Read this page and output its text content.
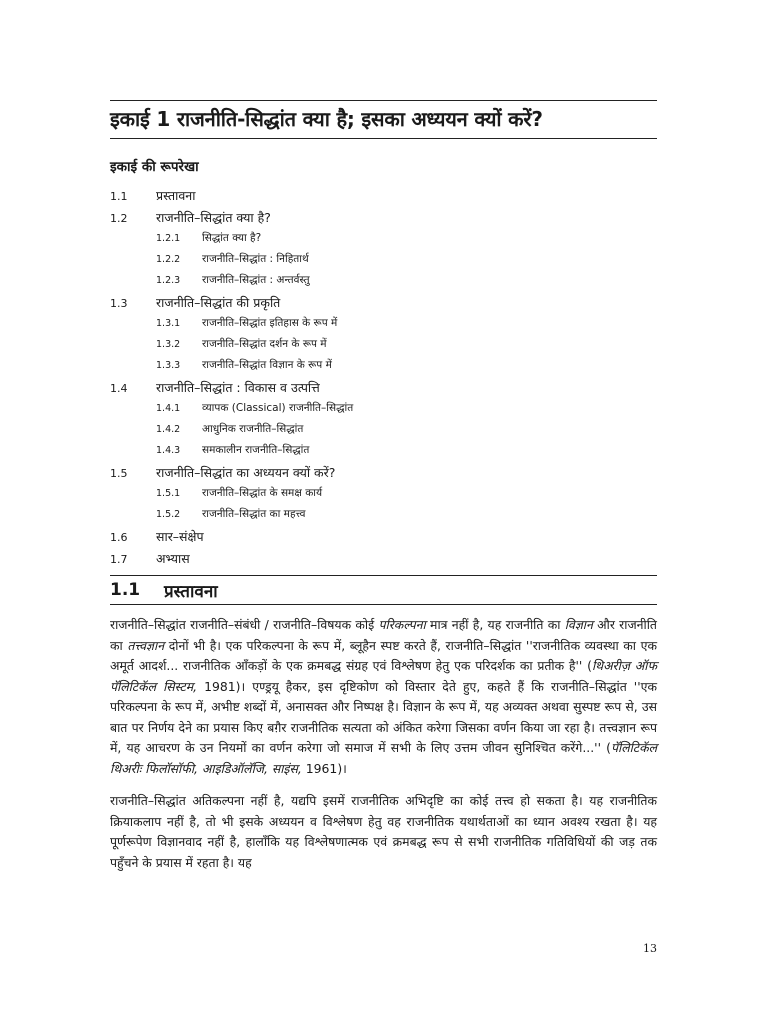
इकाई 1 राजनीति-सिद्धांत क्या है; इसका अध्ययन क्यों करें?
इकाई की रूपरेखा
1.1	प्रस्तावना
1.2	राजनीति–सिद्धांत क्या है?
1.2.1	सिद्धांत क्या है?
1.2.2	राजनीति–सिद्धांत : निहितार्थ
1.2.3	राजनीति–सिद्धांत : अन्तर्वस्तु
1.3	राजनीति–सिद्धांत की प्रकृति
1.3.1	राजनीति–सिद्धांत इतिहास के रूप में
1.3.2	राजनीति–सिद्धांत दर्शन के रूप में
1.3.3	राजनीति–सिद्धांत विज्ञान के रूप में
1.4	राजनीति–सिद्धांत : विकास व उत्पत्ति
1.4.1	व्यापक (Classical) राजनीति–सिद्धांत
1.4.2	आधुनिक राजनीति–सिद्धांत
1.4.3	समकालीन राजनीति–सिद्धांत
1.5	राजनीति–सिद्धांत का अध्ययन क्यों करें?
1.5.1	राजनीति–सिद्धांत के समक्ष कार्य
1.5.2	राजनीति–सिद्धांत का महत्त्व
1.6	सार–संक्षेप
1.7	अभ्यास
1.1	प्रस्तावना

राजनीति–सिद्धांत राजनीति–संबंधी / राजनीति–विषयक कोई परिकल्पना मात्र नहीं है, यह राजनीति का विज्ञान और राजनीति का तत्त्वज्ञान दोनों भी है। एक परिकल्पना के रूप में, ब्लूहैन स्पष्ट करते हैं, राजनीति–सिद्धांत ''राजनीतिक व्यवस्था का एक अमूर्त आदर्श... राजनीतिक आँकड़ों के एक क्रमबद्ध संग्रह एवं विश्लेषण हेतु एक परिदर्शक का प्रतीक है'' (थिअरीज़ ऑफ पॅलिटिकॅल सिस्टम, 1981)। एण्ड्रयू हैकर, इस दृष्टिकोण को विस्तार देते हुए, कहते हैं कि राजनीति–सिद्धांत ''एक परिकल्पना के रूप में, अभीष्ट शब्दों में, अनासक्त और निष्पक्ष है। विज्ञान के रूप में, यह अव्यक्त अथवा सुस्पष्ट रूप से, उस बात पर निर्णय देने का प्रयास किए बग़ैर राजनीतिक सत्यता को अंकित करेगा जिसका वर्णन किया जा रहा है। तत्त्वज्ञान रूप में, यह आचरण के उन नियमों का वर्णन करेगा जो समाज में सभी के लिए उत्तम जीवन सुनिश्चित करेंगे...'' (पॅलिटिकॅल थिअरीः फिलॉसॉफी, आइडिऑलॅजि, साइंस, 1961)।

राजनीति–सिद्धांत अतिकल्पना नहीं है, यद्यपि इसमें राजनीतिक अभिदृष्टि का कोई तत्त्व हो सकता है। यह राजनीतिक क्रियाकलाप नहीं है, तो भी इसके अध्ययन व विश्लेषण हेतु वह राजनीतिक यथार्थताओं का ध्यान अवश्य रखता है। यह पूर्णरूपेण विज्ञानवाद नहीं है, हालाँकि यह विश्लेषणात्मक एवं क्रमबद्ध रूप से सभी राजनीतिक गतिविधियों की जड़ तक पहुँचने के प्रयास में रहता है। यह

13
